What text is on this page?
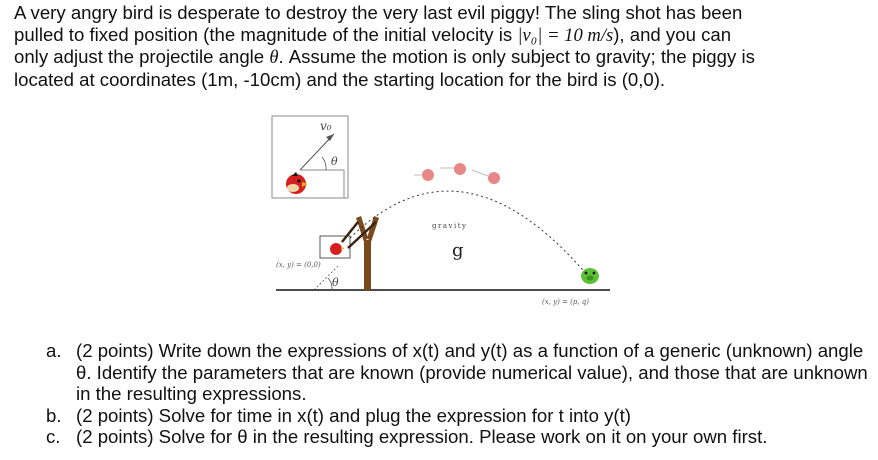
A very angry bird is desperate to destroy the very last evil piggy! The sling shot has been
pulled to fixed position (the magnitude of the initial velocity is |v₀| = 10 m/s), and you can
only adjust the projectile angle θ. Assume the motion is only subject to gravity; the piggy is
located at coordinates (1m, -10cm) and the starting location for the bird is (0,0).
v₀
θ
(x, y) = (0,0)
θ
gravity
g
(x, y) = (p, q)
a. (2 points) Write down the expressions of x(t) and y(t) as a function of a generic (unknown) angle θ. Identify the parameters that are known (provide numerical value), and those that are unknown in the resulting expressions.
b. (2 points) Solve for time in x(t) and plug the expression for t into y(t)
c. (2 points) Solve for θ in the resulting expression. Please work on it on your own first.
